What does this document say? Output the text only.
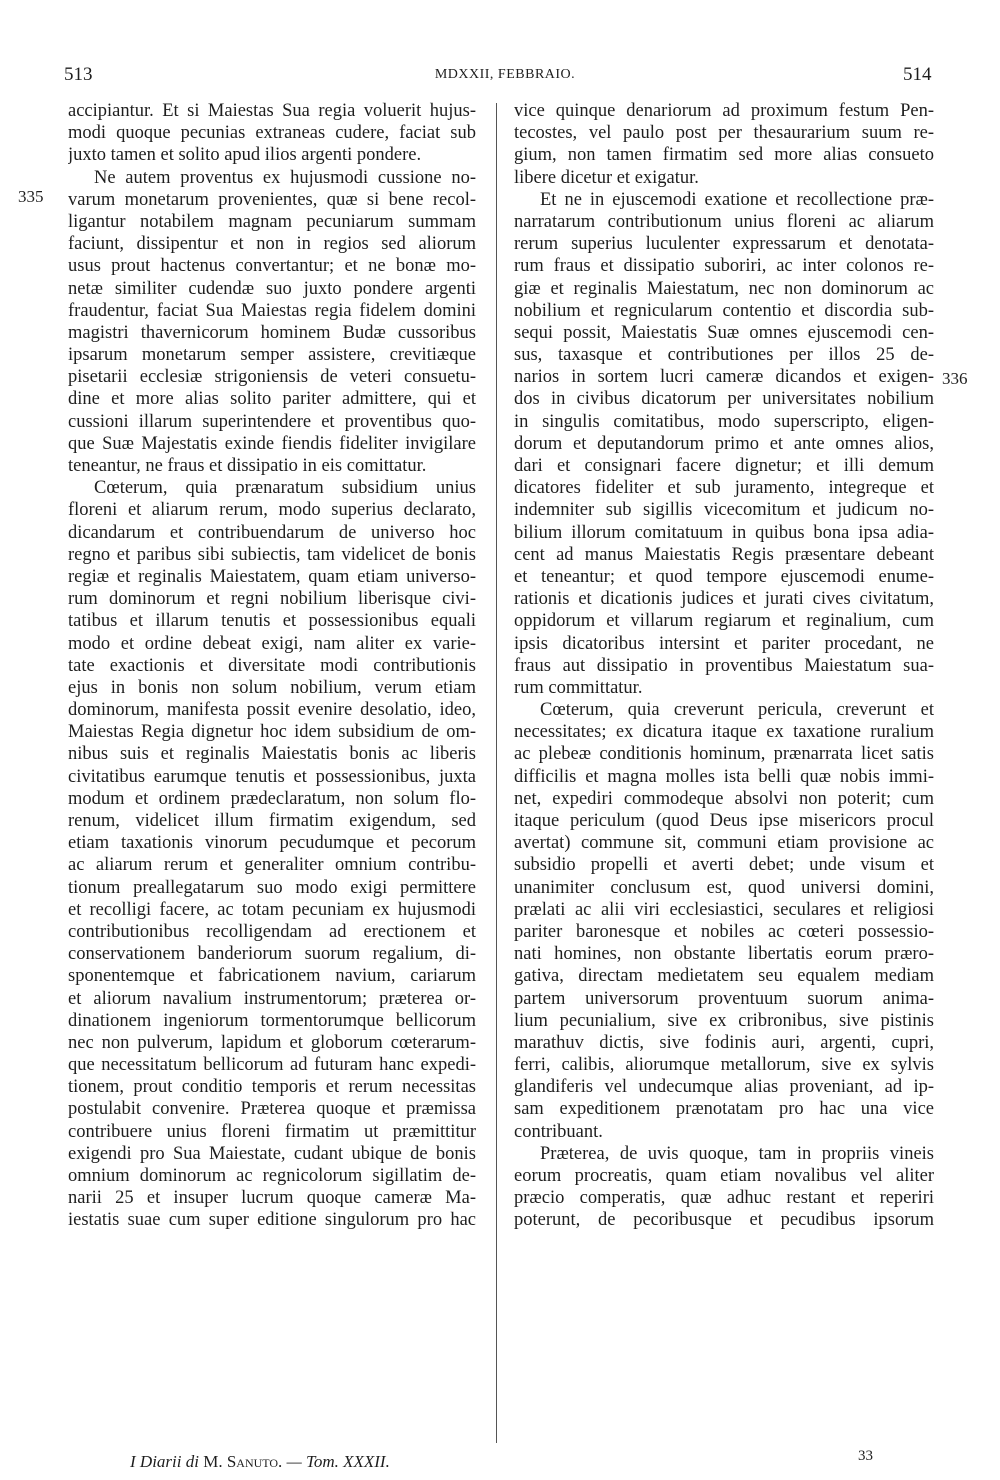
513	MDXXII, FEBBRAIO.	514
335
336
accipiantur. Et si Maiestas Sua regia voluerit hujus-
modi quoque pecunias extraneas cudere, faciat sub
juxto tamen et solito apud ilios argenti pondere.
Ne autem proventus ex hujusmodi cussione no-
varum monetarum provenientes, quæ si bene recol-
ligantur notabilem magnam pecuniarum summam
faciunt, dissipentur et non in regios sed aliorum
usus prout hactenus convertantur; et ne bonæ mo-
netæ similiter cudendæ suo juxto pondere argenti
fraudentur, faciat Sua Maiestas regia fidelem domini
magistri thavernicorum hominem Budæ cussoribus
ipsarum monetarum semper assistere, crevitiæque
pisetarii ecclesiæ strigoniensis de veteri consuetu-
dine et more alias solito pariter admittere, qui et
cussioni illarum superintendere et proventibus quo-
que Suæ Majestatis exinde fiendis fideliter invigilare
teneantur, ne fraus et dissipatio in eis comittatur.
Cœterum, quia prænaratum subsidium unius
floreni et aliarum rerum, modo superius declarato,
dicandarum et contribuendarum de universo hoc
regno et paribus sibi subiectis, tam videlicet de bonis
regiæ et reginalis Maiestatem, quam etiam universo-
rum dominorum et regni nobilium liberisque civi-
tatibus et illarum tenutis et possessionibus equali
modo et ordine debeat exigi, nam aliter ex varie-
tate exactionis et diversitate modi contributionis
ejus in bonis non solum nobilium, verum etiam
dominorum, manifesta possit evenire desolatio, ideo,
Maiestas Regia dignetur hoc idem subsidium de om-
nibus suis et reginalis Maiestatis bonis ac liberis
civitatibus earumque tenutis et possessionibus, juxta
modum et ordinem prædeclaratum, non solum flo-
renum, videlicet illum firmatim exigendum, sed
etiam taxationis vinorum pecudumque et pecorum
ac aliarum rerum et generaliter omnium contribu-
tionum preallegatarum suo modo exigi permittere
et recolligi facere, ac totam pecuniam ex hujusmodi
contributionibus recolligendam ad erectionem et
conservationem banderiorum suorum regalium, di-
sponentemque et fabricationem navium, cariarum
et aliorum navalium instrumentorum; præterea or-
dinationem ingeniorum tormentorumque bellicorum
nec non pulverum, lapidum et globorum cœterarum-
que necessitatum bellicorum ad futuram hanc expedi-
tionem, prout conditio temporis et rerum necessitas
postulabit convenire. Præterea quoque et præmissa
contribuere unius floreni firmatim ut præmittitur
exigendi pro Sua Maiestate, cudant ubique de bonis
omnium dominorum ac regnicolorum sigillatim de-
narii 25 et insuper lucrum quoque cameræ Ma-
iestatis suae cum super editione singulorum pro hac
vice quinque denariorum ad proximum festum Pen-
tecostes, vel paulo post per thesaurarium suum re-
gium, non tamen firmatim sed more alias consueto
libere dicetur et exigatur.
Et ne in ejuscemodi exatione et recollectione præ-
narratarum contributionum unius floreni ac aliarum
rerum superius luculenter expressarum et denotata-
rum fraus et dissipatio suboriri, ac inter colonos re-
giæ et reginalis Maiestatum, nec non dominorum ac
nobilium et regnicularum contentio et discordia sub-
sequi possit, Maiestatis Suæ omnes ejuscemodi cen-
sus, taxasque et contributiones per illos 25 de-
narios in sortem lucri cameræ dicandos et exigen-
dos in civibus dicatorum per universitates nobilium
in singulis comitatibus, modo superscripto, eligen-
dorum et deputandorum primo et ante omnes alios,
dari et consignari facere dignetur; et illi demum
dicatores fideliter et sub juramento, integreque et
indemniter sub sigillis vicecomitum et judicum no-
bilium illorum comitatuum in quibus bona ipsa adia-
cent ad manus Maiestatis Regis præsentare debeant
et teneantur; et quod tempore ejuscemodi enume-
rationis et dicationis judices et jurati cives civitatum,
oppidorum et villarum regiarum et reginalium, cum
ipsis dicatoribus intersint et pariter procedant, ne
fraus aut dissipatio in proventibus Maiestatum sua-
rum committatur.
Cœterum, quia creverunt pericula, creverunt et
necessitates; ex dicatura itaque ex taxatione ruralium
ac plebeæ conditionis hominum, prænarrata licet satis
difficilis et magna molles ista belli quæ nobis immi-
net, expediri commodeque absolvi non poterit; cum
itaque periculum (quod Deus ipse misericors procul
avertat) commune sit, communi etiam provisione ac
subsidio propelli et averti debet; unde visum et
unanimiter conclusum est, quod universi domini,
prælati ac alii viri ecclesiastici, seculares et religiosi
pariter baronesque et nobiles ac cœteri possessio-
nati homines, non obstante libertatis eorum præro-
gativa, directam medietatem seu equalem mediam
partem universorum proventuum suorum anima-
lium pecunialium, sive ex cribronibus, sive pistinis
marathuv dictis, sive fodinis auri, argenti, cupri,
ferri, calibis, aliorumque metallorum, sive ex sylvis
glandiferis vel undecumque alias proveniant, ad ip-
sam expeditionem prænotatam pro hac una vice
contribuant.
Præterea, de uvis quoque, tam in propriis vineis
eorum procreatis, quam etiam novalibus vel aliter
præcio comperatis, quæ adhuc restant et reperiri
poterunt, de pecoribusque et pecudibus ipsorum
33
I Diarii di M. Sanuto. — Tom. XXXII.
